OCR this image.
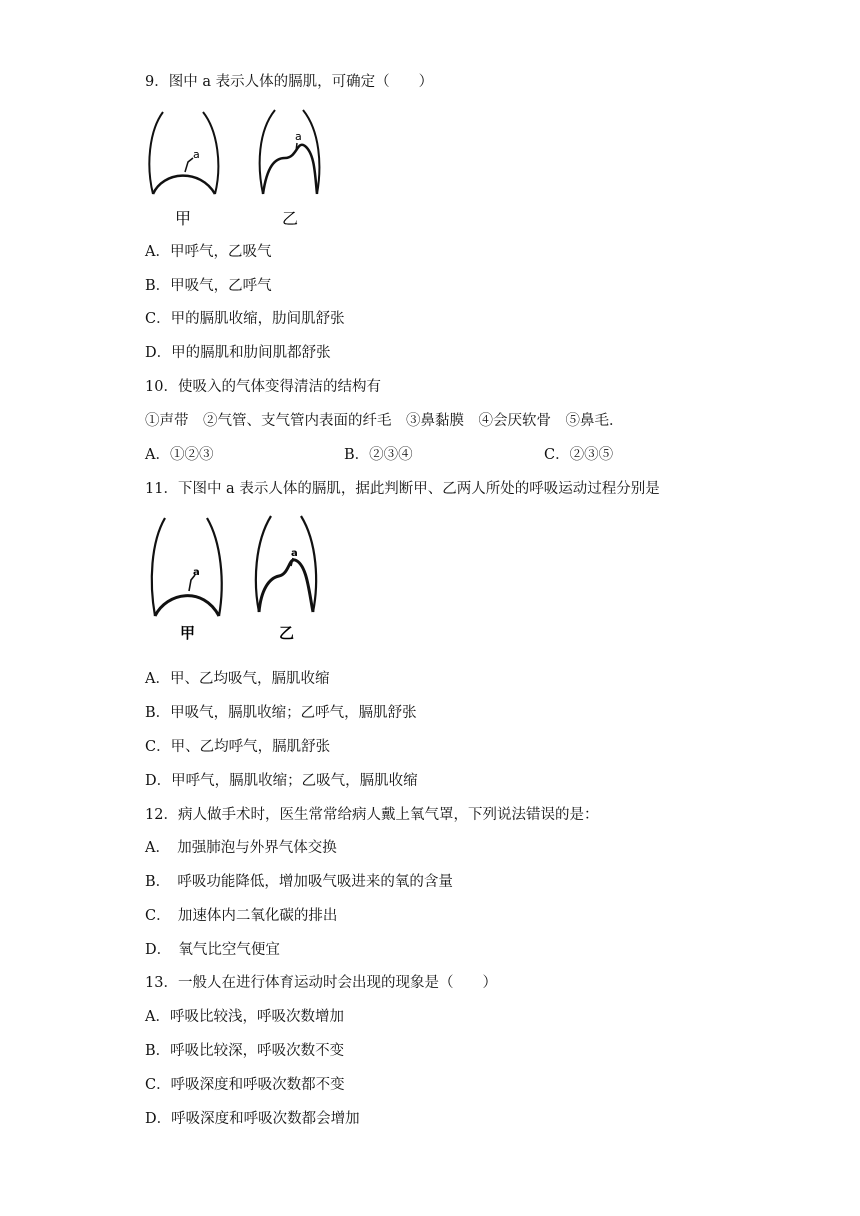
9．图中 a 表示人体的膈肌，可确定（　　）
a
甲
a
乙
A．甲呼气，乙吸气
B．甲吸气，乙呼气
C．甲的膈肌收缩，肋间肌舒张
D．甲的膈肌和肋间肌都舒张
10．使吸入的气体变得清洁的结构有
①声带　②气管、支气管内表面的纤毛　③鼻黏膜　④会厌软骨　⑤鼻毛．
A．①②③	B．②③④	C．②③⑤
11．下图中 a 表示人体的膈肌，据此判断甲、乙两人所处的呼吸运动过程分别是
a
甲
a
乙
A．甲、乙均吸气，膈肌收缩
B．甲吸气，膈肌收缩；乙呼气，膈肌舒张
C．甲、乙均呼气，膈肌舒张
D．甲呼气，膈肌收缩；乙吸气，膈肌收缩
12．病人做手术时，医生常常给病人戴上氧气罩，下列说法错误的是：
A．　加强肺泡与外界气体交换
B．　呼吸功能降低，增加吸气吸进来的氧的含量
C．　加速体内二氧化碳的排出
D．　氧气比空气便宜
13．一般人在进行体育运动时会出现的现象是（　　）
A．呼吸比较浅，呼吸次数增加
B．呼吸比较深，呼吸次数不变
C．呼吸深度和呼吸次数都不变
D．呼吸深度和呼吸次数都会增加
